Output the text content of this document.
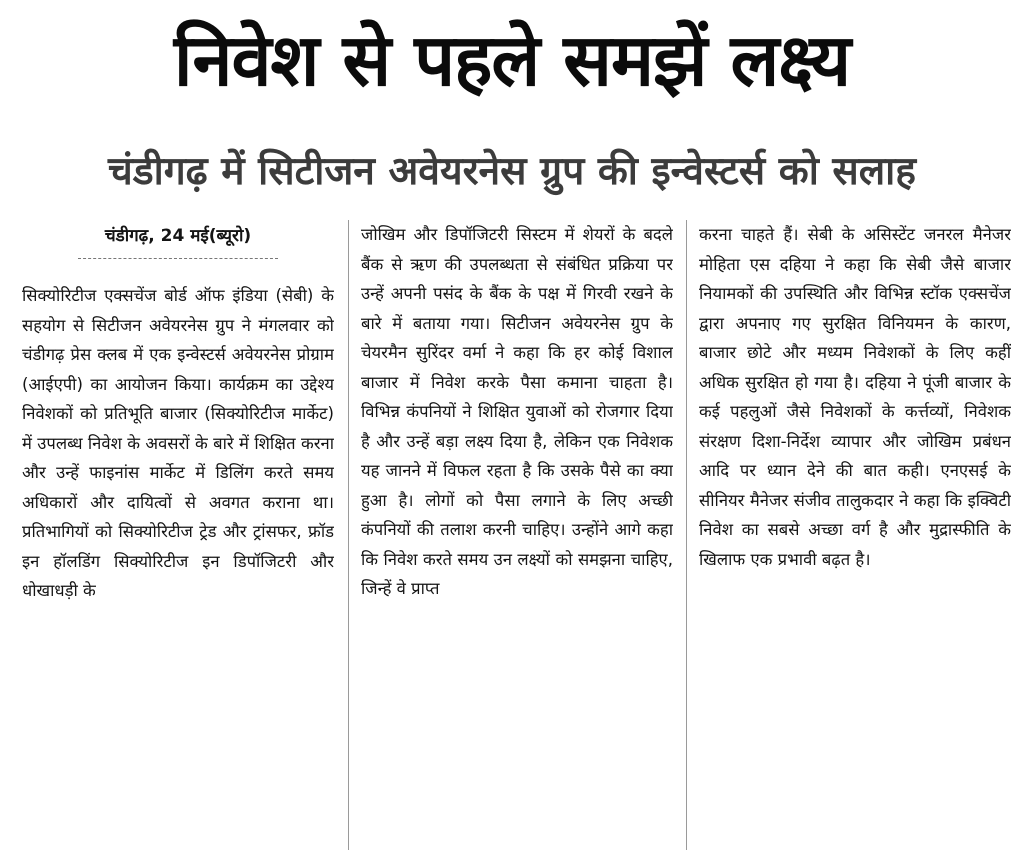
निवेश से पहले समझें लक्ष्य
चंडीगढ़ में सिटीजन अवेयरनेस ग्रुप की इन्वेस्टर्स को सलाह
चंडीगढ़, 24 मई(ब्यूरो)

सिक्योरिटीज एक्सचेंज बोर्ड ऑफ इंडिया (सेबी) के सहयोग से सिटीजन अवेयरनेस ग्रुप ने मंगलवार को चंडीगढ़ प्रेस क्लब में एक इन्वेस्टर्स अवेयरनेस प्रोग्राम (आईएपी) का आयोजन किया। कार्यक्रम का उद्देश्य निवेशकों को प्रतिभूति बाजार (सिक्योरिटीज मार्केट) में उपलब्ध निवेश के अवसरों के बारे में शिक्षित करना और उन्हें फाइनांस मार्केट में डिलिंग करते समय अधिकारों और दायित्वों से अवगत कराना था। प्रतिभागियों को सिक्योरिटीज ट्रेड और ट्रांसफर, फ्रॉड इन हॉलडिंग सिक्योरिटीज इन डिपॉजिटरी और धोखाधड़ी के

जोखिम और डिपॉजिटरी सिस्टम में शेयरों के बदले बैंक से ऋण की उपलब्धता से संबंधित प्रक्रिया पर उन्हें अपनी पसंद के बैंक के पक्ष में गिरवी रखने के बारे में बताया गया। सिटीजन अवेयरनेस ग्रुप के चेयरमैन सुरिंदर वर्मा ने कहा कि हर कोई विशाल बाजार में निवेश करके पैसा कमाना चाहता है। विभिन्न कंपनियों ने शिक्षित युवाओं को रोजगार दिया है और उन्हें बड़ा लक्ष्य दिया है, लेकिन एक निवेशक यह जानने में विफल रहता है कि उसके पैसे का क्या हुआ है। लोगों को पैसा लगाने के लिए अच्छी कंपनियों की तलाश करनी चाहिए। उन्होंने आगे कहा कि निवेश करते समय उन लक्ष्यों को समझना चाहिए, जिन्हें वे प्राप्त

करना चाहते हैं। सेबी के असिस्टेंट जनरल मैनेजर मोहिता एस दहिया ने कहा कि सेबी जैसे बाजार नियामकों की उपस्थिति और विभिन्न स्टॉक एक्सचेंज द्वारा अपनाए गए सुरक्षित विनियमन के कारण, बाजार छोटे और मध्यम निवेशकों के लिए कहीं अधिक सुरक्षित हो गया है। दहिया ने पूंजी बाजार के कई पहलुओं जैसे निवेशकों के कर्त्तव्यों, निवेशक संरक्षण दिशा-निर्देश व्यापार और जोखिम प्रबंधन आदि पर ध्यान देने की बात कही। एनएसई के सीनियर मैनेजर संजीव तालुकदार ने कहा कि इक्विटी निवेश का सबसे अच्छा वर्ग है और मुद्रास्फीति के खिलाफ एक प्रभावी बढ़त है।
